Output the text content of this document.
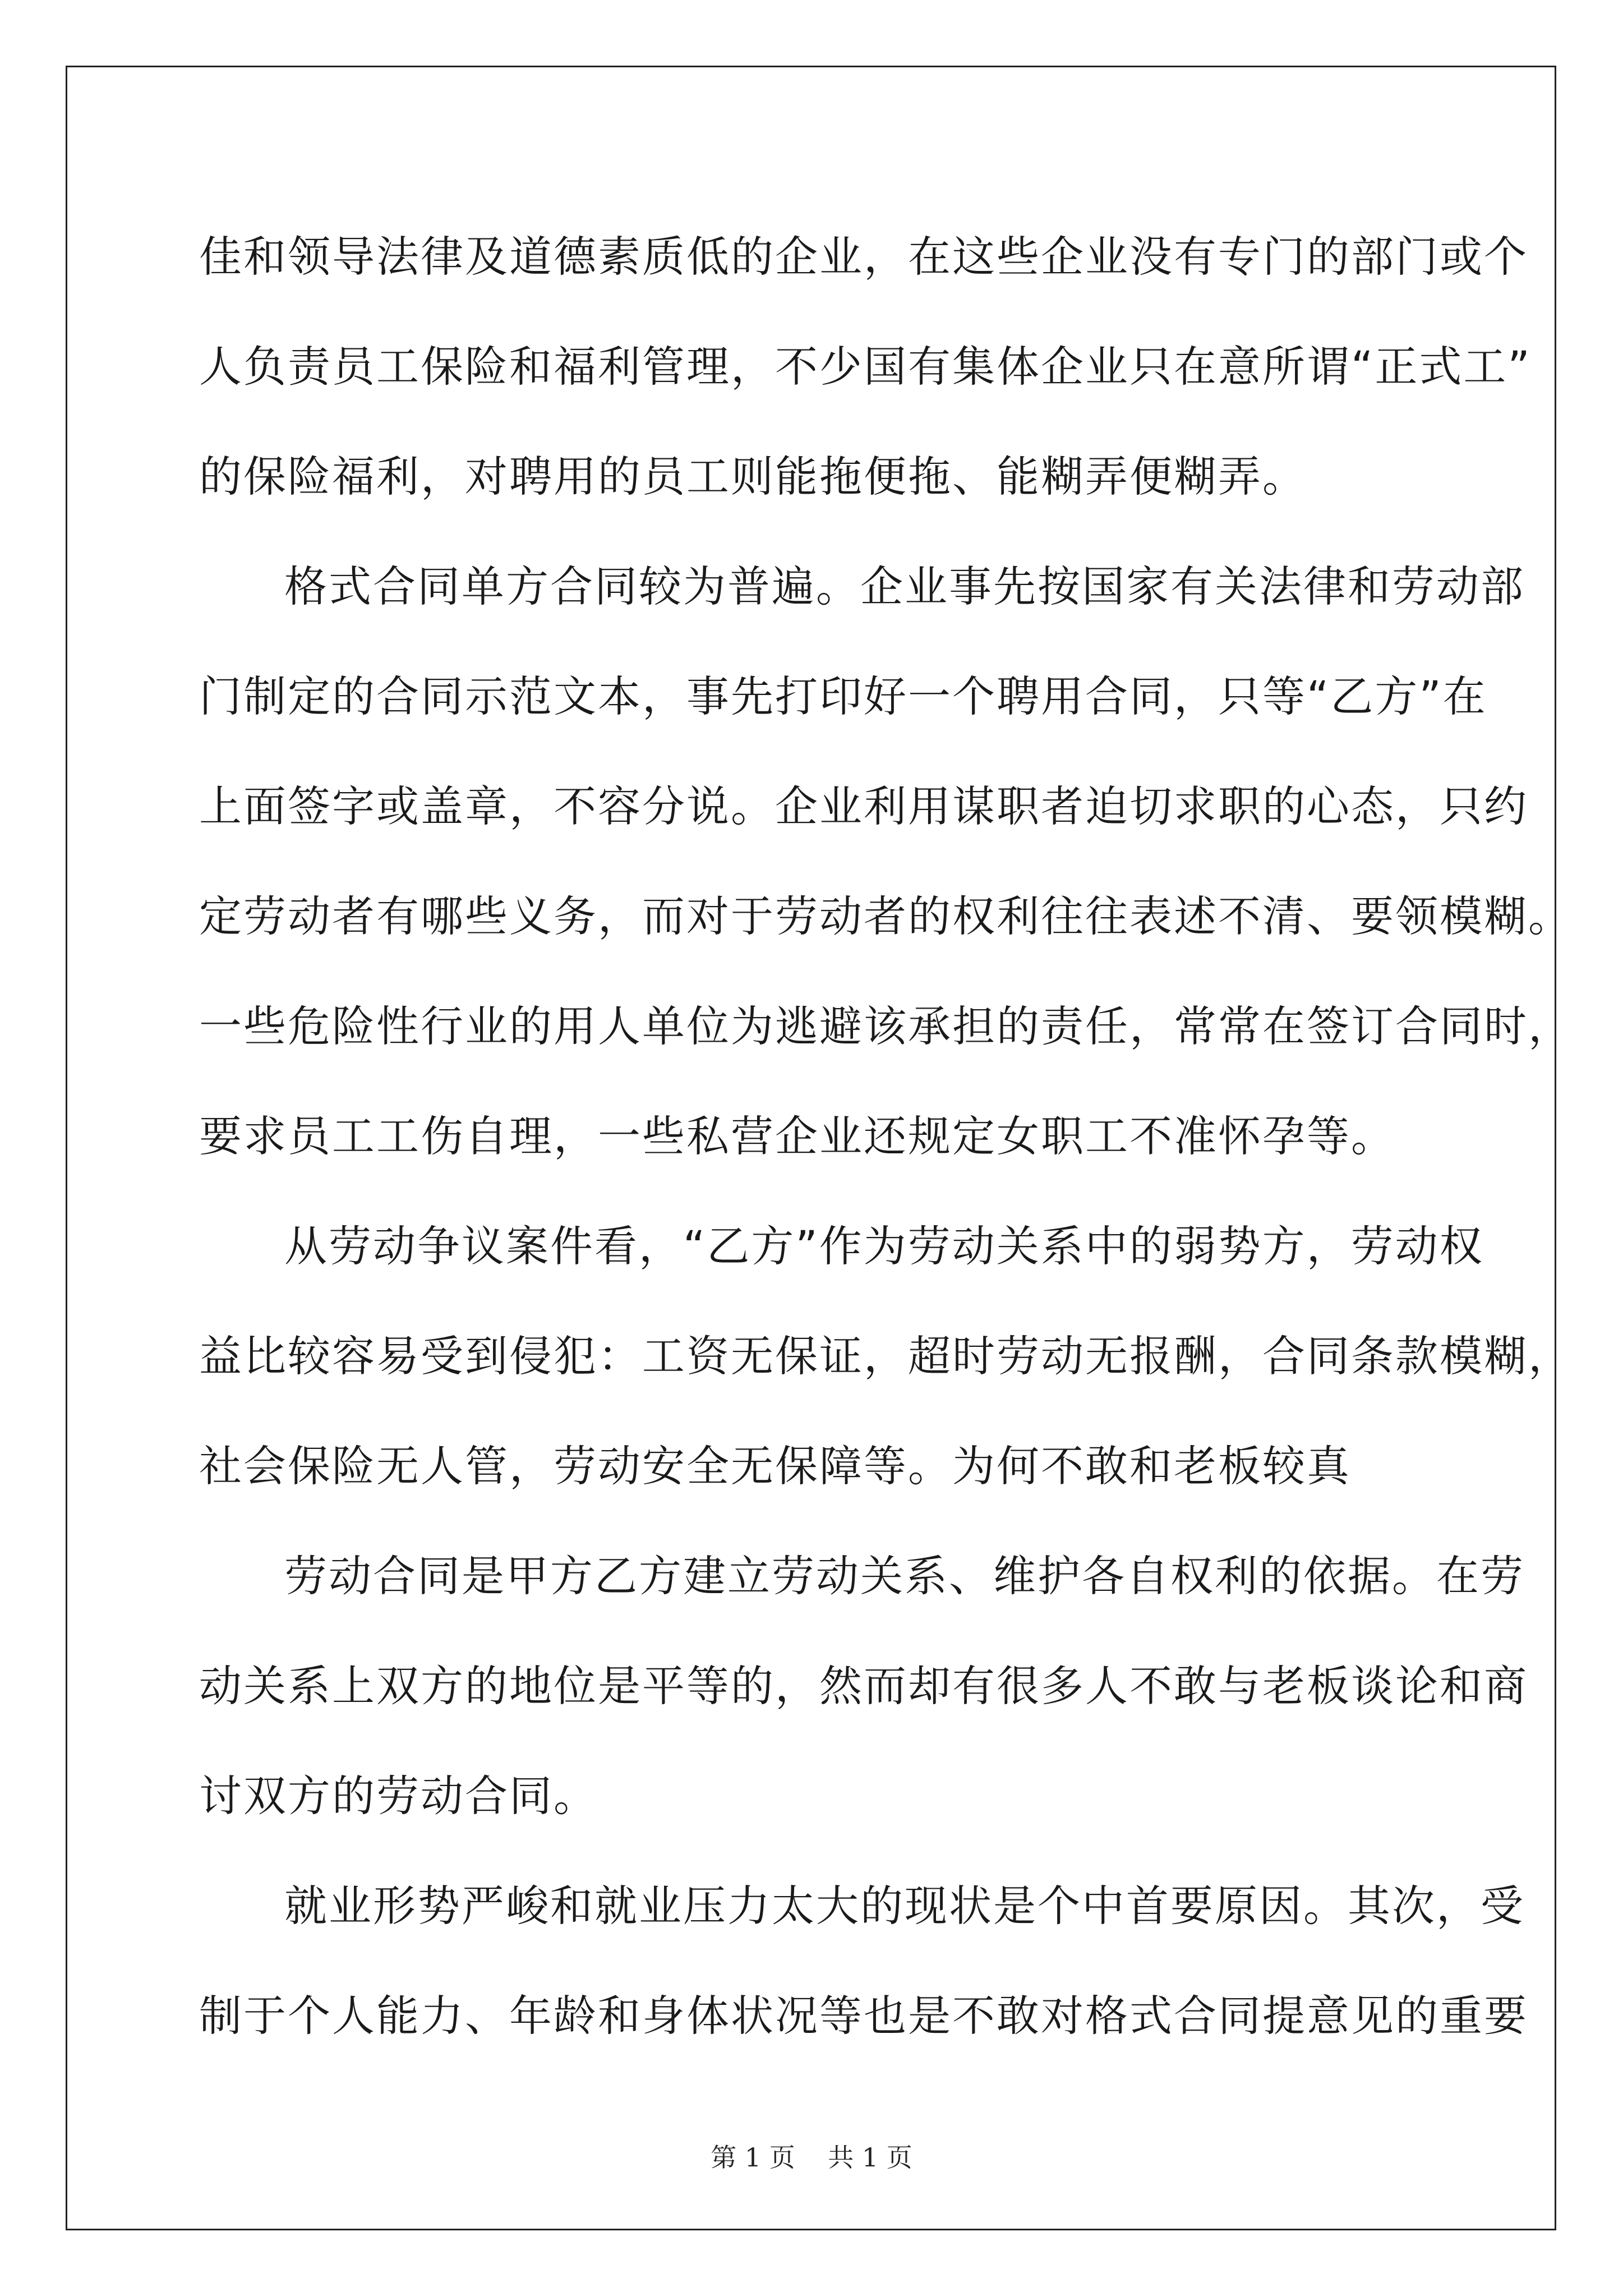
佳和领导法律及道德素质低的企业，在这些企业没有专门的部门或个
人负责员工保险和福利管理，不少国有集体企业只在意所谓“正式工”
的保险福利，对聘用的员工则能拖便拖、能糊弄便糊弄。
格式合同单方合同较为普遍。企业事先按国家有关法律和劳动部
门制定的合同示范文本，事先打印好一个聘用合同，只等“乙方”在
上面签字或盖章，不容分说。企业利用谋职者迫切求职的心态，只约
定劳动者有哪些义务，而对于劳动者的权利往往表述不清、要领模糊。
一些危险性行业的用人单位为逃避该承担的责任，常常在签订合同时，
要求员工工伤自理，一些私营企业还规定女职工不准怀孕等。
从劳动争议案件看，“乙方”作为劳动关系中的弱势方，劳动权
益比较容易受到侵犯：工资无保证，超时劳动无报酬，合同条款模糊，
社会保险无人管，劳动安全无保障等。为何不敢和老板较真
劳动合同是甲方乙方建立劳动关系、维护各自权利的依据。在劳
动关系上双方的地位是平等的，然而却有很多人不敢与老板谈论和商
讨双方的劳动合同。
就业形势严峻和就业压力太大的现状是个中首要原因。其次，受
制于个人能力、年龄和身体状况等也是不敢对格式合同提意见的重要
第 1 页    共 1 页
